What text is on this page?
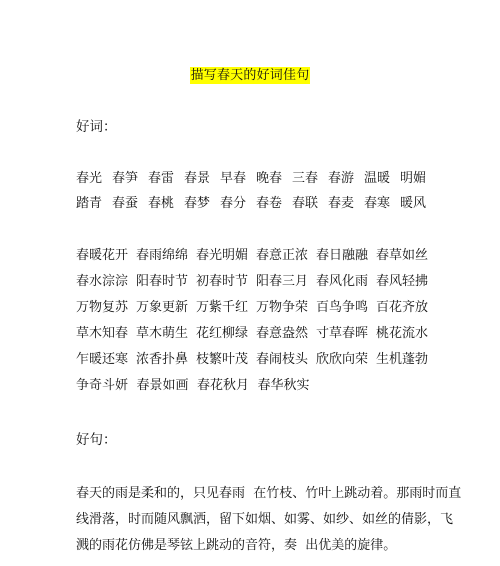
描写春天的好词佳句
好词：
春光 春笋 春雷 春景 早春 晚春 三春 春游 温暖 明媚
踏青 春蚕 春桃 春梦 春分 春卷 春联 春麦 春寒 暖风
春暖花开 春雨绵绵 春光明媚 春意正浓 春日融融 春草如丝
春水淙淙 阳春时节 初春时节 阳春三月 春风化雨 春风轻拂
万物复苏 万象更新 万紫千红 万物争荣 百鸟争鸣 百花齐放
草木知春 草木萌生 花红柳绿 春意盎然 寸草春晖 桃花流水
乍暖还寒 浓香扑鼻 枝繁叶茂 春闹枝头 欣欣向荣 生机蓬勃
争奇斗妍 春景如画 春花秋月 春华秋实
好句：
春天的雨是柔和的，只见春雨  在竹枝、竹叶上跳动着。那雨时而直
线滑落，时而随风飘洒，留下如烟、如雾、如纱、如丝的倩影，飞
溅的雨花仿佛是琴铉上跳动的音符，奏  出优美的旋律。
